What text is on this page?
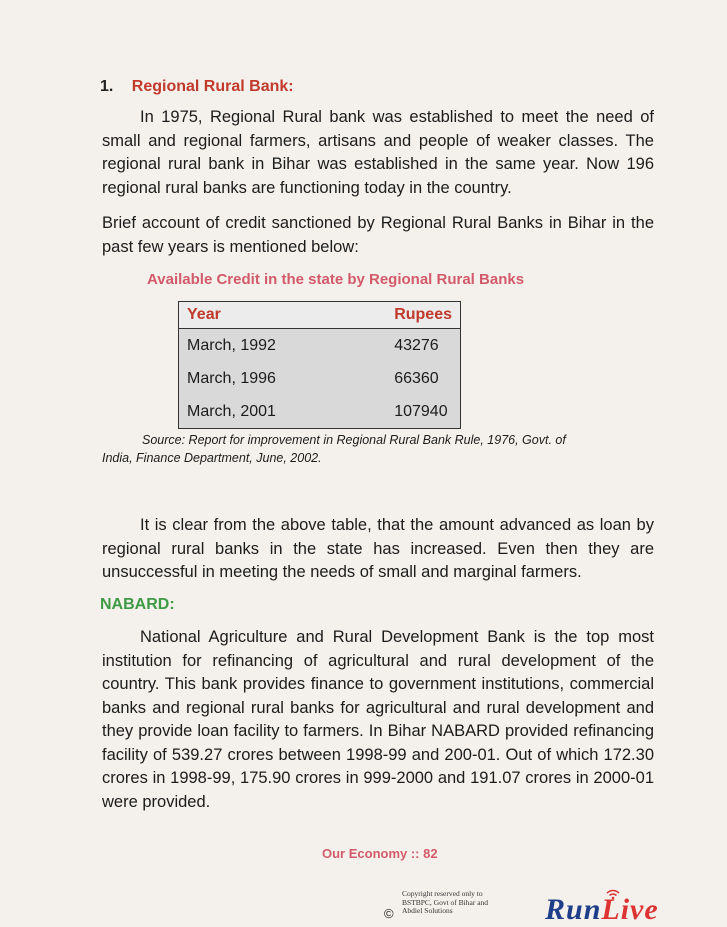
1. Regional Rural Bank:

In 1975, Regional Rural bank was established to meet the need of small and regional farmers, artisans and people of weaker classes. The regional rural bank in Bihar was established in the same year. Now 196 regional rural banks are functioning today in the country.

Brief account of credit sanctioned by Regional Rural Banks in Bihar in the past few years is mentioned below:

Available Credit in the state by Regional Rural Banks
Year	Rupees
March, 1992	43276
March, 1996	66360
March, 2001	107940
Source: Report for improvement in Regional Rural Bank Rule, 1976, Govt. of
India, Finance Department, June, 2002.

It is clear from the above table, that the amount advanced as loan by regional rural banks in the state has increased. Even then they are unsuccessful in meeting the needs of small and marginal farmers.

NABARD:

National Agriculture and Rural Development Bank is the top most institution for refinancing of agricultural and rural development of the country. This bank provides finance to government institutions, commercial banks and regional rural banks for agricultural and rural development and they provide loan facility to farmers. In Bihar NABARD provided refinancing facility of 539.27 crores between 1998-99 and 200-01. Out of which 172.30 crores in 1998-99, 175.90 crores in 999-2000 and 191.07 crores in 2000-01 were provided.

Our Economy :: 82
©
Copyright reserved only to
BSTBPC, Govt of Bihar and
Abdiel Solutions	RunLive
